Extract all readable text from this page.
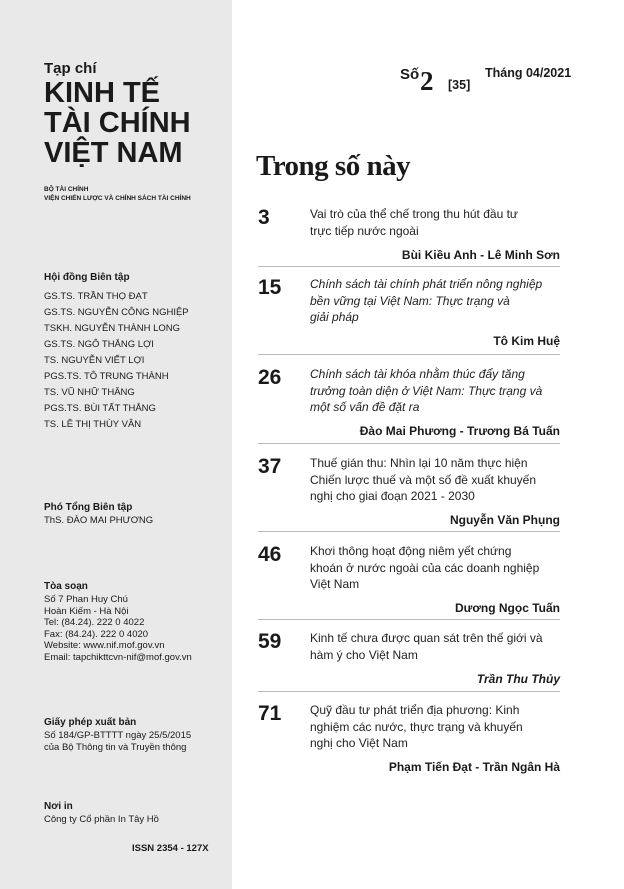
Tạp chí
KINH TẾ
TÀI CHÍNH
VIỆT NAM
BỘ TÀI CHÍNH
VIỆN CHIẾN LƯỢC VÀ CHÍNH SÁCH TÀI CHÍNH
Hội đồng Biên tập
GS.TS. TRẦN THỌ ĐẠT
GS.TS. NGUYỄN CÔNG NGHIỆP
TSKH. NGUYỄN THÀNH LONG
GS.TS. NGÔ THẮNG LỢI
TS. NGUYỄN VIẾT LỢI
PGS.TS. TÔ TRUNG THÀNH
TS. VŨ NHỮ THĂNG
PGS.TS. BÙI TẤT THẮNG
TS. LÊ THỊ THÙY VÂN
Phó Tổng Biên tập
ThS. ĐÀO MAI PHƯƠNG
Tòa soạn
Số 7 Phan Huy Chú
Hoàn Kiếm - Hà Nội
Tel: (84.24). 222 0 4022
Fax: (84.24). 222 0 4020
Website: www.nif.mof.gov.vn
Email: tapchikttcvn-nif@mof.gov.vn
Giấy phép xuất bản
Số 184/GP-BTTTT ngày 25/5/2015
của Bộ Thông tin và Truyền thông
Nơi in
Công ty Cổ phần In Tây Hồ
ISSN 2354 - 127X
Số 2 [35]
Tháng 04/2021
Trong số này
3	Vai trò của thể chế trong thu hút đầu tư
trực tiếp nước ngoài
Bùi Kiều Anh - Lê Minh Sơn
15 Chính sách tài chính phát triển nông nghiệp
bền vững tại Việt Nam: Thực trạng và
giải pháp
Tô Kim Huệ
26 Chính sách tài khóa nhằm thúc đẩy tăng
trưởng toàn diện ở Việt Nam: Thực trạng và
một số vấn đề đặt ra
Đào Mai Phương - Trương Bá Tuấn
37 Thuế gián thu: Nhìn lại 10 năm thực hiện
Chiến lược thuế và một số đề xuất khuyến
nghị cho giai đoạn 2021 - 2030
Nguyễn Văn Phụng
46 Khơi thông hoạt động niêm yết chứng
khoán ở nước ngoài của các doanh nghiệp
Việt Nam
Dương Ngọc Tuấn
59 Kinh tế chưa được quan sát trên thế giới và
hàm ý cho Việt Nam
Trần Thu Thủy
71 Quỹ đầu tư phát triển địa phương: Kinh
nghiệm các nước, thực trạng và khuyến
nghị cho Việt Nam
Phạm Tiến Đạt - Trần Ngân Hà
